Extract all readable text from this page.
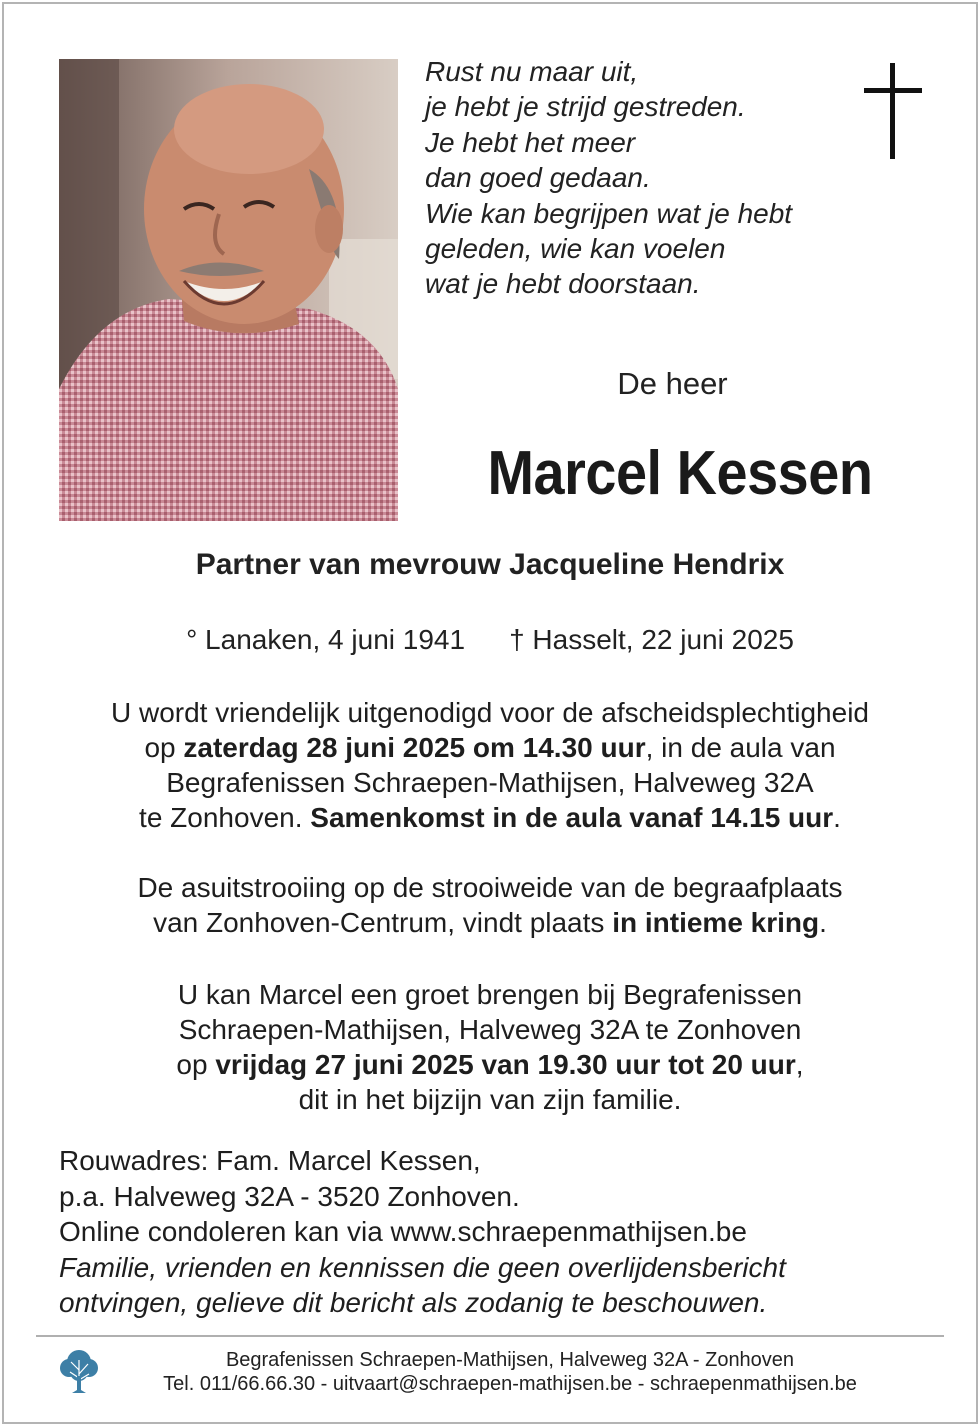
Rust nu maar uit,
je hebt je strijd gestreden.
Je hebt het meer
dan goed gedaan.
Wie kan begrijpen wat je hebt
geleden, wie kan voelen
wat je hebt doorstaan.
De heer
Marcel Kessen
Partner van mevrouw Jacqueline Hendrix
° Lanaken, 4 juni 1941 † Hasselt, 22 juni 2025
U wordt vriendelijk uitgenodigd voor de afscheidsplechtigheid
op zaterdag 28 juni 2025 om 14.30 uur, in de aula van
Begrafenissen Schraepen-Mathijsen, Halveweg 32A
te Zonhoven. Samenkomst in de aula vanaf 14.15 uur.
De asuitstrooiing op de strooiweide van de begraafplaats
van Zonhoven-Centrum, vindt plaats in intieme kring.
U kan Marcel een groet brengen bij Begrafenissen
Schraepen-Mathijsen, Halveweg 32A te Zonhoven
op vrijdag 27 juni 2025 van 19.30 uur tot 20 uur,
dit in het bijzijn van zijn familie.
Rouwadres: Fam. Marcel Kessen,
p.a. Halveweg 32A - 3520 Zonhoven.
Online condoleren kan via www.schraepenmathijsen.be
Familie, vrienden en kennissen die geen overlijdensbericht
ontvingen, gelieve dit bericht als zodanig te beschouwen.
Begrafenissen Schraepen-Mathijsen, Halveweg 32A - Zonhoven
Tel. 011/66.66.30 - uitvaart@schraepen-mathijsen.be - schraepenmathijsen.be
